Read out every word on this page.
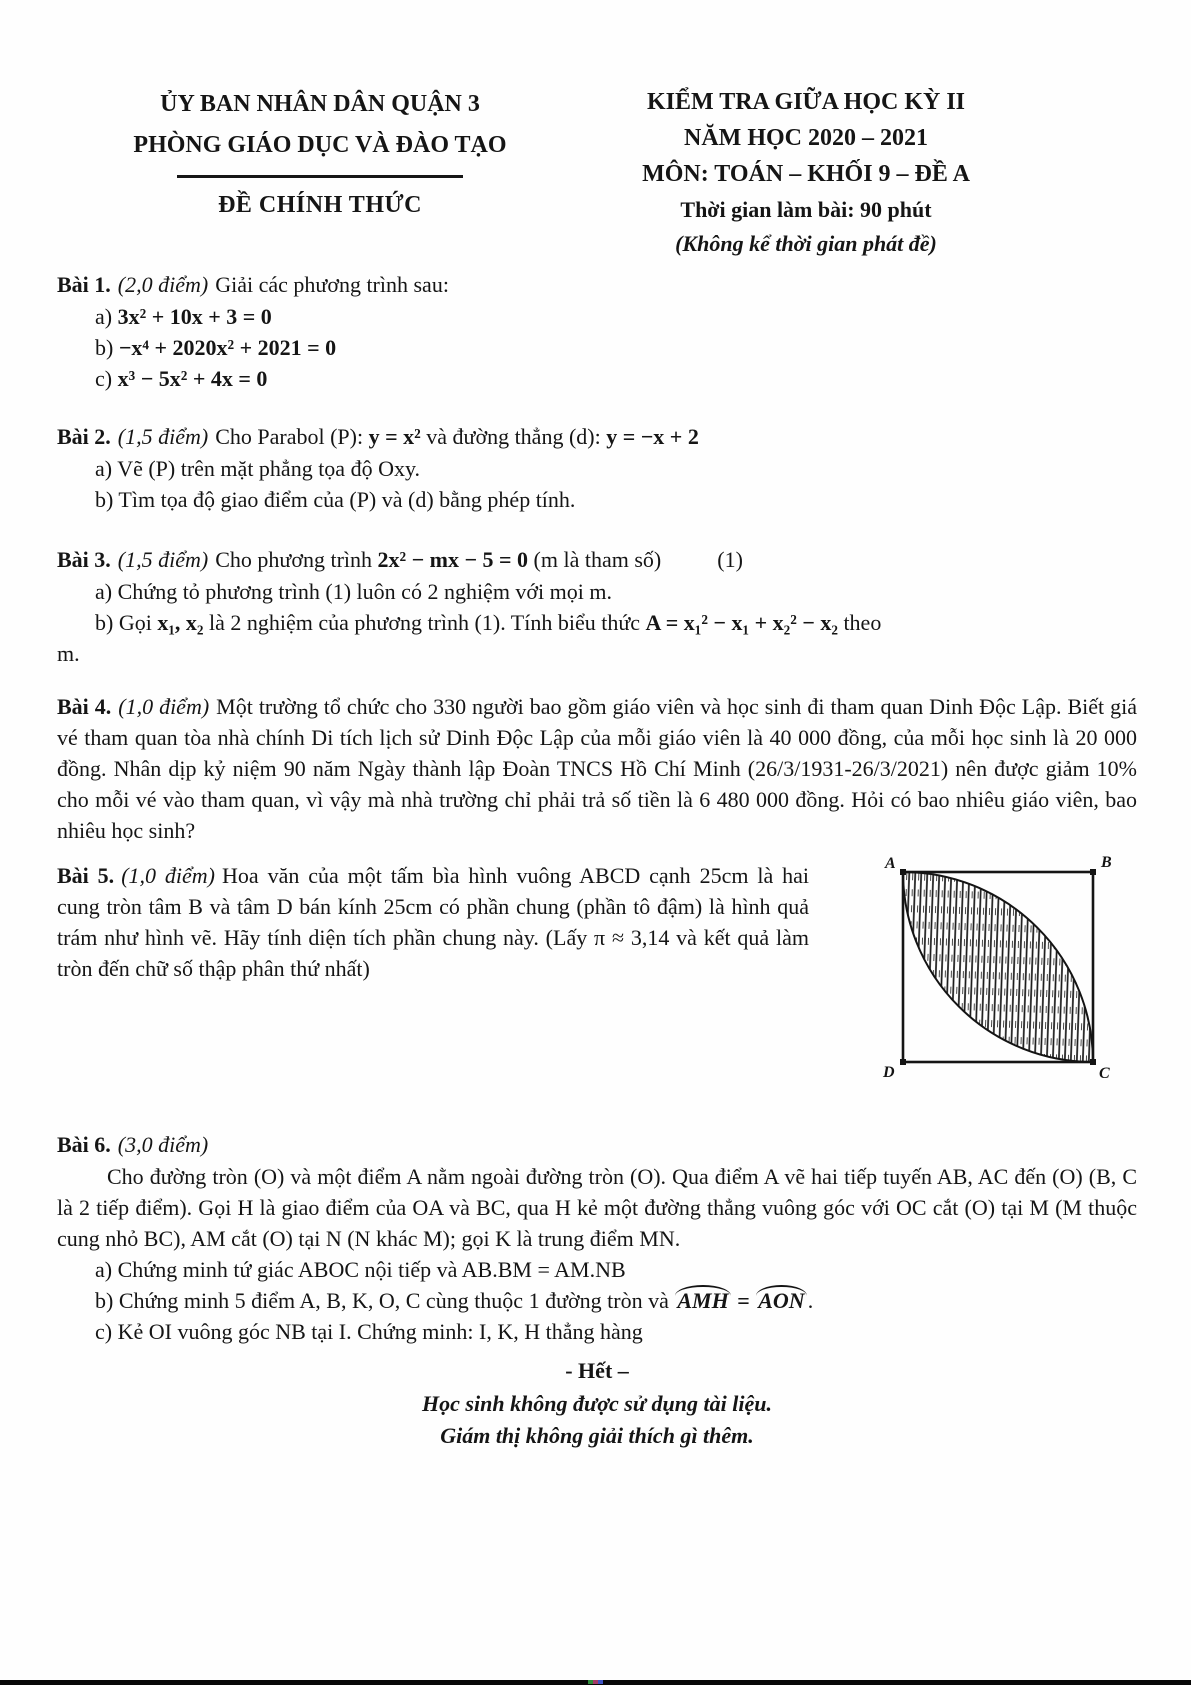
ỦY BAN NHÂN DÂN QUẬN 3
PHÒNG GIÁO DỤC VÀ ĐÀO TẠO
ĐỀ CHÍNH THỨC
KIỂM TRA GIỮA HỌC KỲ II
NĂM HỌC 2020 – 2021
MÔN: TOÁN – KHỐI 9 – ĐỀ A
Thời gian làm bài: 90 phút
(Không kể thời gian phát đề)
Bài 1. (2,0 điểm) Giải các phương trình sau:
a) 3x² + 10x + 3 = 0
b) −x⁴ + 2020x² + 2021 = 0
c) x³ − 5x² + 4x = 0
Bài 2. (1,5 điểm) Cho Parabol (P): y = x² và đường thẳng (d): y = −x + 2
a) Vẽ (P) trên mặt phẳng tọa độ Oxy.
b) Tìm tọa độ giao điểm của (P) và (d) bằng phép tính.
Bài 3. (1,5 điểm) Cho phương trình 2x² − mx − 5 = 0 (m là tham số)	(1)
a) Chứng tỏ phương trình (1) luôn có 2 nghiệm với mọi m.
b) Gọi x₁, x₂ là 2 nghiệm của phương trình (1). Tính biểu thức A = x₁² − x₁ + x₂² − x₂ theo
m.
Bài 4. (1,0 điểm) Một trường tổ chức cho 330 người bao gồm giáo viên và học sinh đi tham quan Dinh Độc Lập. Biết giá vé tham quan tòa nhà chính Di tích lịch sử Dinh Độc Lập của mỗi giáo viên là 40 000 đồng, của mỗi học sinh là 20 000 đồng. Nhân dịp kỷ niệm 90 năm Ngày thành lập Đoàn TNCS Hồ Chí Minh (26/3/1931-26/3/2021) nên được giảm 10% cho mỗi vé vào tham quan, vì vậy mà nhà trường chỉ phải trả số tiền là 6 480 000 đồng. Hỏi có bao nhiêu giáo viên, bao nhiêu học sinh?
Bài 5. (1,0 điểm) Hoa văn của một tấm bìa hình vuông ABCD cạnh 25cm là hai cung tròn tâm B và tâm D bán kính 25cm có phần chung (phần tô đậm) là hình quả trám như hình vẽ. Hãy tính diện tích phần chung này. (Lấy π ≈ 3,14 và kết quả làm tròn đến chữ số thập phân thứ nhất)
A	B
D	C
Bài 6. (3,0 điểm)
Cho đường tròn (O) và một điểm A nằm ngoài đường tròn (O). Qua điểm A vẽ hai tiếp tuyến AB, AC đến (O) (B, C là 2 tiếp điểm). Gọi H là giao điểm của OA và BC, qua H kẻ một đường thẳng vuông góc với OC cắt (O) tại M (M thuộc cung nhỏ BC), AM cắt (O) tại N (N khác M); gọi K là trung điểm MN.
a) Chứng minh tứ giác ABOC nội tiếp và AB.BM = AM.NB
b) Chứng minh 5 điểm A, B, K, O, C cùng thuộc 1 đường tròn và AMH = AON .
c) Kẻ OI vuông góc NB tại I. Chứng minh: I, K, H thẳng hàng
- Hết –
Học sinh không được sử dụng tài liệu.
Giám thị không giải thích gì thêm.
